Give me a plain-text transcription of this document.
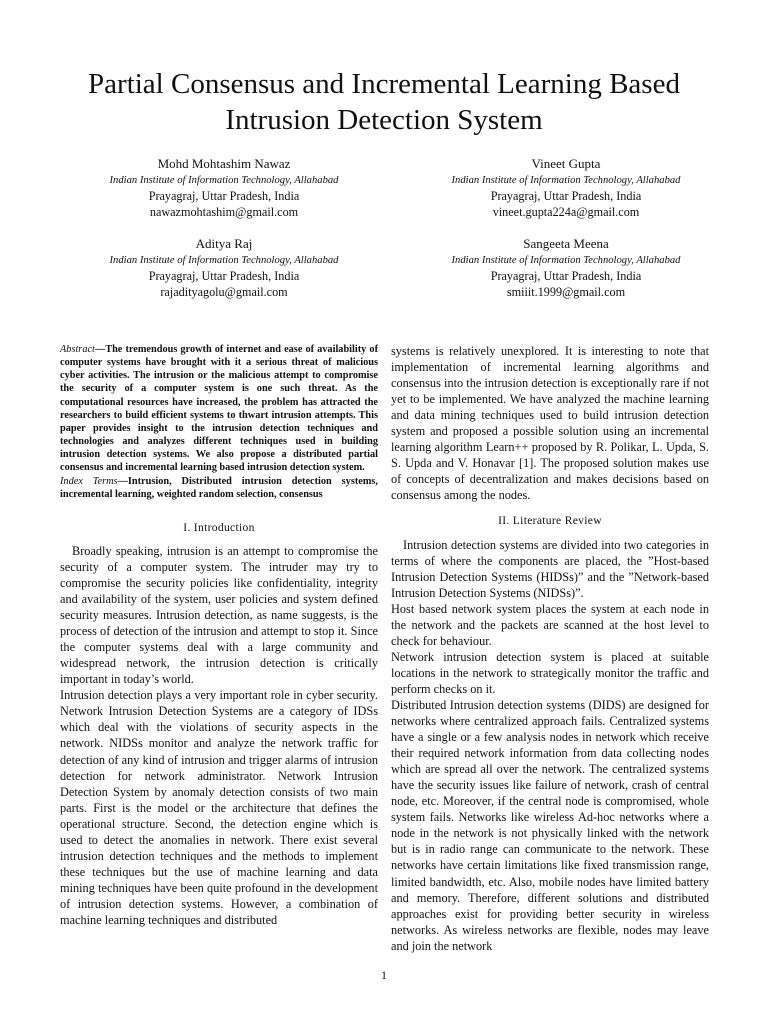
Partial Consensus and Incremental Learning Based
Intrusion Detection System
Mohd Mohtashim Nawaz
Indian Institute of Information Technology, Allahabad
Prayagraj, Uttar Pradesh, India
nawazmohtashim@gmail.com
Vineet Gupta
Indian Institute of Information Technology, Allahabad
Prayagraj, Uttar Pradesh, India
vineet.gupta224a@gmail.com
Aditya Raj
Indian Institute of Information Technology, Allahabad
Prayagraj, Uttar Pradesh, India
rajadityagolu@gmail.com
Sangeeta Meena
Indian Institute of Information Technology, Allahabad
Prayagraj, Uttar Pradesh, India
smiiit.1999@gmail.com

Abstract—The tremendous growth of internet and ease of availability of computer systems have brought with it a serious threat of malicious cyber activities. The intrusion or the malicious attempt to compromise the security of a computer system is one such threat. As the computational resources have increased, the problem has attracted the researchers to build efficient systems to thwart intrusion attempts. This paper provides insight to the intrusion detection techniques and technologies and analyzes different techniques used in building intrusion detection systems. We also propose a distributed partial consensus and incremental learning based intrusion detection system.

Index Terms—Intrusion, Distributed intrusion detection systems, incremental learning, weighted random selection, consensus

I. Introduction

Broadly speaking, intrusion is an attempt to compromise the security of a computer system. The intruder may try to compromise the security policies like confidentiality, integrity and availability of the system, user policies and system defined security measures. Intrusion detection, as name suggests, is the process of detection of the intrusion and attempt to stop it. Since the computer systems deal with a large community and widespread network, the intrusion detection is critically important in today’s world.

Intrusion detection plays a very important role in cyber security. Network Intrusion Detection Systems are a category of IDSs which deal with the violations of security aspects in the network. NIDSs monitor and analyze the network traffic for detection of any kind of intrusion and trigger alarms of intrusion detection for network administrator. Network Intrusion Detection System by anomaly detection consists of two main parts. First is the model or the architecture that defines the operational structure. Second, the detection engine which is used to detect the anomalies in network. There exist several intrusion detection techniques and the methods to implement these techniques but the use of machine learning and data mining techniques have been quite profound in the development of intrusion detection systems. However, a combination of machine learning techniques and distributed

systems is relatively unexplored. It is interesting to note that implementation of incremental learning algorithms and consensus into the intrusion detection is exceptionally rare if not yet to be implemented. We have analyzed the machine learning and data mining techniques used to build intrusion detection system and proposed a possible solution using an incremental learning algorithm Learn++ proposed by R. Polikar, L. Upda, S. S. Upda and V. Honavar [1]. The proposed solution makes use of concepts of decentralization and makes decisions based on consensus among the nodes.

II. Literature Review

Intrusion detection systems are divided into two categories in terms of where the components are placed, the ”Host-based Intrusion Detection Systems (HIDSs)” and the ”Network-based Intrusion Detection Systems (NIDSs)”.

Host based network system places the system at each node in the network and the packets are scanned at the host level to check for behaviour.

Network intrusion detection system is placed at suitable locations in the network to strategically monitor the traffic and perform checks on it.

Distributed Intrusion detection systems (DIDS) are designed for networks where centralized approach fails. Centralized systems have a single or a few analysis nodes in network which receive their required network information from data collecting nodes which are spread all over the network. The centralized systems have the security issues like failure of network, crash of central node, etc. Moreover, if the central node is compromised, whole system fails. Networks like wireless Ad-hoc networks where a node in the network is not physically linked with the network but is in radio range can communicate to the network. These networks have certain limitations like fixed transmission range, limited bandwidth, etc. Also, mobile nodes have limited battery and memory. Therefore, different solutions and distributed approaches exist for providing better security in wireless networks. As wireless networks are flexible, nodes may leave and join the network

1
